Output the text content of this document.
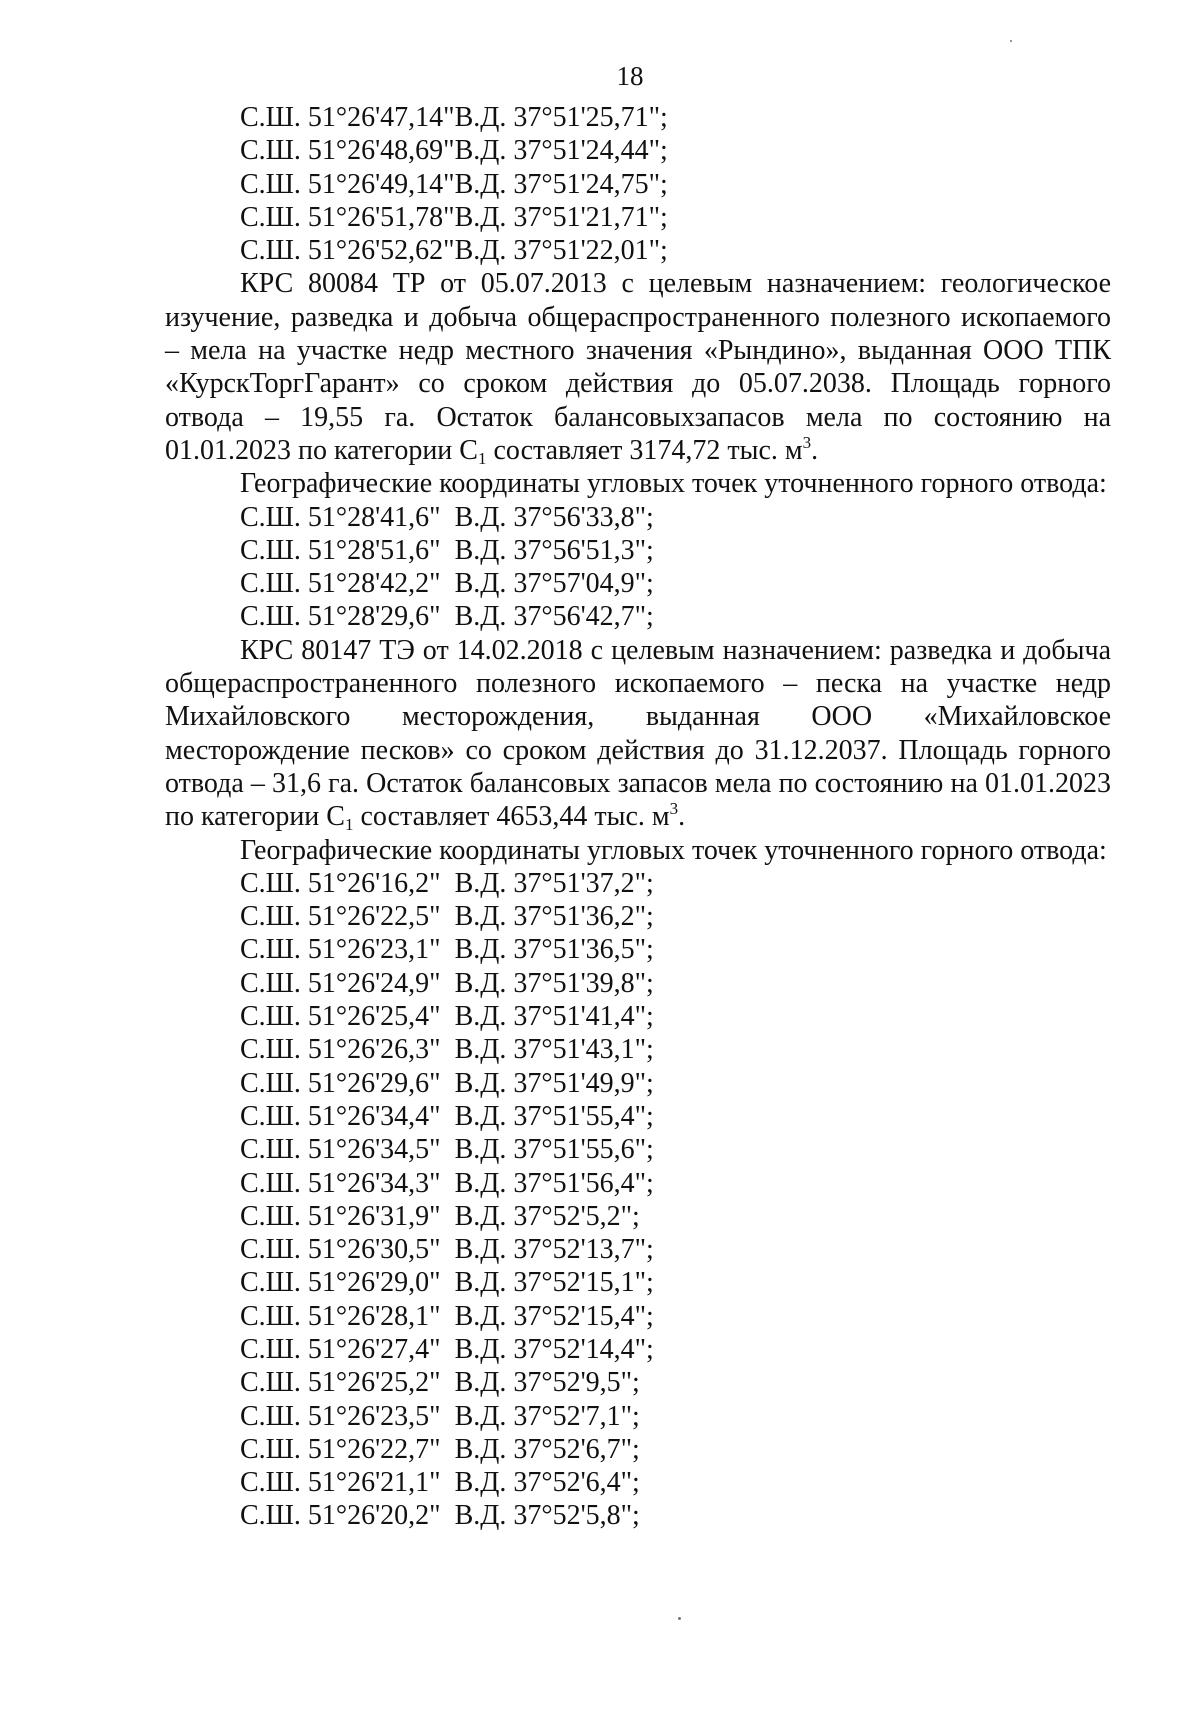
18
С.Ш. 51°26'47,14"В.Д. 37°51'25,71";
С.Ш. 51°26'48,69"В.Д. 37°51'24,44";
С.Ш. 51°26'49,14"В.Д. 37°51'24,75";
С.Ш. 51°26'51,78"В.Д. 37°51'21,71";
С.Ш. 51°26'52,62"В.Д. 37°51'22,01";
КРС 80084 ТР от 05.07.2013 с целевым назначением: геологическое изучение, разведка и добыча общераспространенного полезного ископаемого – мела на участке недр местного значения «Рындино», выданная ООО ТПК «КурскТоргГарант» со сроком действия до 05.07.2038. Площадь горного отвода – 19,55 га. Остаток балансовыхзапасов мела по состоянию на 01.01.2023 по категории $С_1$ составляет 3174,72 тыс. $м^3$.
Географические координаты угловых точек уточненного горного отвода:
С.Ш. 51°28'41,6"  В.Д. 37°56'33,8";
С.Ш. 51°28'51,6"  В.Д. 37°56'51,3";
С.Ш. 51°28'42,2"  В.Д. 37°57'04,9";
С.Ш. 51°28'29,6"  В.Д. 37°56'42,7";
КРС 80147 ТЭ от 14.02.2018 с целевым назначением: разведка и добыча общераспространенного полезного ископаемого – песка на участке недр Михайловского месторождения, выданная ООО «Михайловское месторождение песков» со сроком действия до 31.12.2037. Площадь горного отвода – 31,6 га. Остаток балансовых запасов мела по состоянию на 01.01.2023 по категории $С_1$ составляет 4653,44 тыс. $м^3$.
Географические координаты угловых точек уточненного горного отвода:
С.Ш. 51°26'16,2"  В.Д. 37°51'37,2";
С.Ш. 51°26'22,5"  В.Д. 37°51'36,2";
С.Ш. 51°26'23,1"  В.Д. 37°51'36,5";
С.Ш. 51°26'24,9"  В.Д. 37°51'39,8";
С.Ш. 51°26'25,4"  В.Д. 37°51'41,4";
С.Ш. 51°26'26,3"  В.Д. 37°51'43,1";
С.Ш. 51°26'29,6"  В.Д. 37°51'49,9";
С.Ш. 51°26'34,4"  В.Д. 37°51'55,4";
С.Ш. 51°26'34,5"  В.Д. 37°51'55,6";
С.Ш. 51°26'34,3"  В.Д. 37°51'56,4";
С.Ш. 51°26'31,9"  В.Д. 37°52'5,2";
С.Ш. 51°26'30,5"  В.Д. 37°52'13,7";
С.Ш. 51°26'29,0"  В.Д. 37°52'15,1";
С.Ш. 51°26'28,1"  В.Д. 37°52'15,4";
С.Ш. 51°26'27,4"  В.Д. 37°52'14,4";
С.Ш. 51°26'25,2"  В.Д. 37°52'9,5";
С.Ш. 51°26'23,5"  В.Д. 37°52'7,1";
С.Ш. 51°26'22,7"  В.Д. 37°52'6,7";
С.Ш. 51°26'21,1"  В.Д. 37°52'6,4";
С.Ш. 51°26'20,2"  В.Д. 37°52'5,8";
